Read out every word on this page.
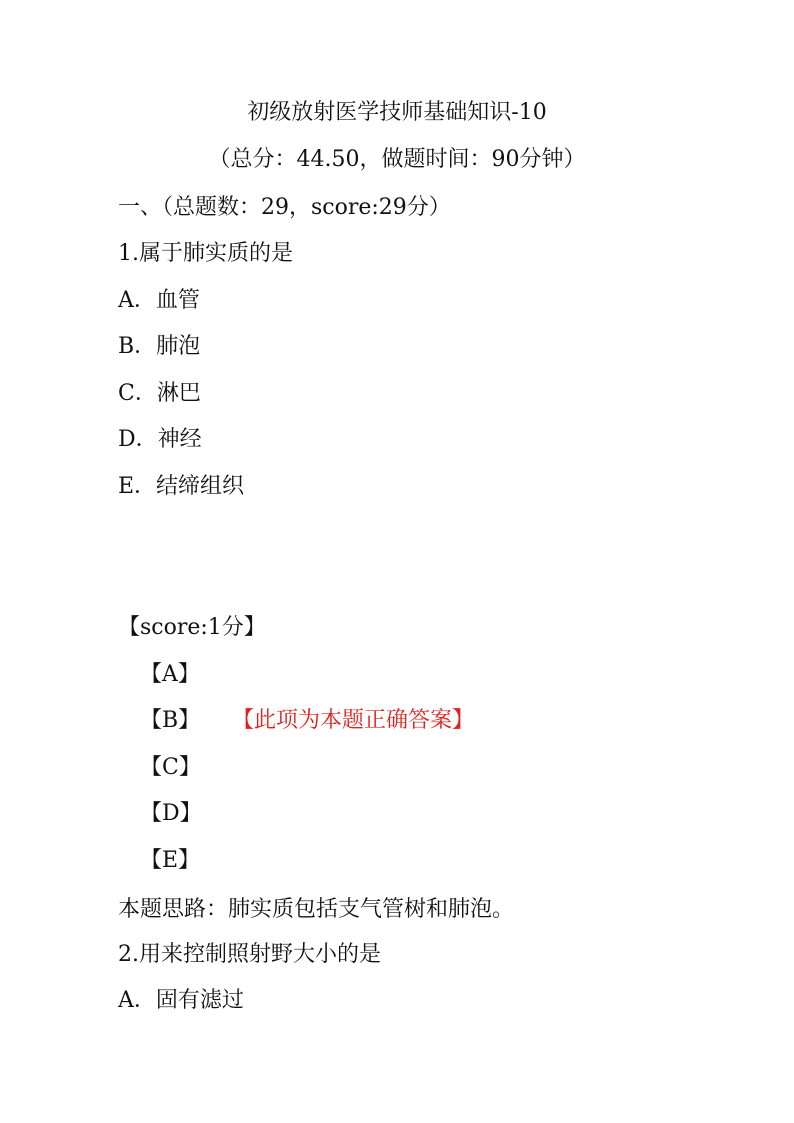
初级放射医学技师基础知识-10
（总分：44.50，做题时间：90分钟）
一、（总题数：29，score:29分）
1.属于肺实质的是
A．血管
B．肺泡
C．淋巴
D．神经
E．结缔组织
【score:1分】
【A】
【B】 【此项为本题正确答案】
【C】
【D】
【E】
本题思路：肺实质包括支气管树和肺泡。
2.用来控制照射野大小的是
A．固有滤过
